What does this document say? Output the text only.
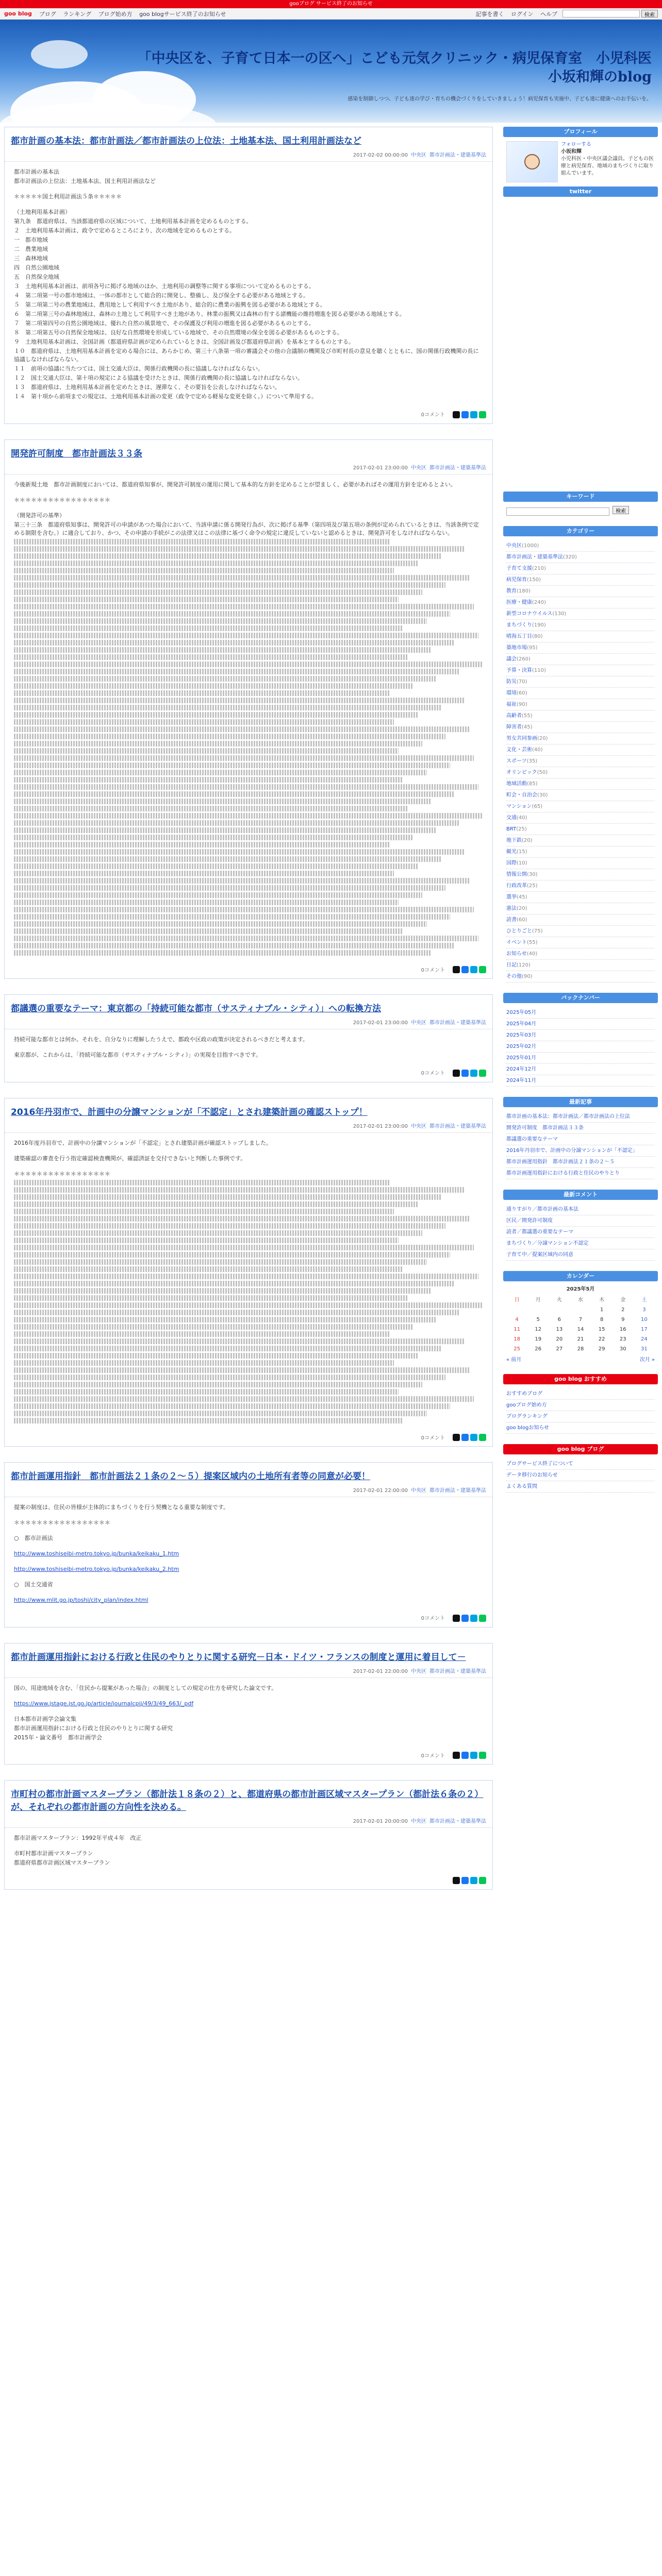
gooブログ サービス終了のお知らせ
goo blog ブログ ランキング ブログ始め方 goo blogサービス終了のお知らせ	記事を書く ログイン ヘルプ	検索
「中央区を、子育て日本一の区へ」こども元気クリニック・病児保育室　小児科医
小坂和輝のblog
感染を制御しつつ、子ども達の学び・育ちの機会づくりをしていきましょう！病児保育も実施中、子ども達に健康へのお手伝いを。
都市計画の基本法：都市計画法／都市計画法の上位法：土地基本法、国土利用計画法など
2017-02-02 00:00:00 中央区 都市計画法・建築基準法

都市計画の基本法

都市計画法の上位法：土地基本法、国土利用計画法など

＊＊＊＊＊国土利用計画法５条＊＊＊＊＊

（土地利用基本計画）

第九条　都道府県は、当該都道府県の区域について、土地利用基本計画を定めるものとする。

２　土地利用基本計画は、政令で定めるところにより、次の地域を定めるものとする。

一　都市地域

二　農業地域

三　森林地域

四　自然公園地域

五　自然保全地域

３　土地利用基本計画は、前項各号に掲げる地域のほか、土地利用の調整等に関する事項について定めるものとする。

４　第二項第一号の都市地域は、一体の都市として総合的に開発し、整備し、及び保全する必要がある地域とする。

５　第二項第二号の農業地域は、農用地として利用すべき土地があり、総合的に農業の振興を図る必要がある地域とする。

６　第二項第三号の森林地域は、森林の土地として利用すべき土地があり、林業の振興又は森林の有する諸機能の維持増進を図る必要がある地域とする。

７　第二項第四号の自然公園地域は、優れた自然の風景地で、その保護及び利用の増進を図る必要があるものとする。

８　第二項第五号の自然保全地域は、良好な自然環境を形成している地域で、その自然環境の保全を図る必要があるものとする。

９　土地利用基本計画は、全国計画（都道府県計画が定められているときは、全国計画及び都道府県計画）を基本とするものとする。

１０　都道府県は、土地利用基本計画を定める場合には、あらかじめ、第三十八条第一項の審議会その他の合議制の機関及び市町村長の意見を聴くとともに、国の関係行政機関の長に協議しなければならない。

１１　前項の協議に当たつては、国土交通大臣は、関係行政機関の長に協議しなければならない。

１２　国土交通大臣は、第十項の規定による協議を受けたときは、関係行政機関の長に協議しなければならない。

１３　都道府県は、土地利用基本計画を定めたときは、遅滞なく、その要旨を公表しなければならない。

１４　第十項から前項までの規定は、土地利用基本計画の変更（政令で定める軽易な変更を除く。）について準用する。

0コメント
開発許可制度　都市計画法３３条
2017-02-01 23:00:00 中央区 都市計画法・建築基準法

今後新規土地　都市計画制度においては、都道府県知事が、開発許可制度の運用に関して基本的な方針を定めることが望ましく、必要があればその運用方針を定めるとよい。

＊＊＊＊＊＊＊＊＊＊＊＊＊＊＊＊＊

（開発許可の基準）

第三十三条　都道府県知事は、開発許可の申請があつた場合において、当該申請に係る開発行為が、次に掲げる基準（第四項及び第五項の条例が定められているときは、当該条例で定める制限を含む。）に適合しており、かつ、その申請の手続がこの法律又はこの法律に基づく命令の規定に違反していないと認めるときは、開発許可をしなければならない。

0コメント
都議選の重要なテーマ：東京都の「持続可能な都市（サスティナブル・シティ）」への転換方法
2017-02-01 23:00:00 中央区 都市計画法・建築基準法

持続可能な都市とは何か。それを、自分なりに理解したうえで、都政や区政の政策が決定されるべきだと考えます。

東京都が、これからは、「持続可能な都市（サスティナブル・シティ）」の実現を目指すべきです。

0コメント
2016年丹羽市で、計画中の分譲マンションが「不認定」とされ建築計画の確認ストップ！
2017-02-01 23:00:00 中央区 都市計画法・建築基準法

2016年度丹羽市で、計画中の分譲マンションが「不認定」とされ建築計画が確認ストップしました。

建築確認の審査を行う指定確認検査機関が、確認済証を交付できないと判断した事例です。

＊＊＊＊＊＊＊＊＊＊＊＊＊＊＊＊＊

0コメント
都市計画運用指針　都市計画法２１条の２〜５）提案区域内の土地所有者等の同意が必要！
2017-02-01 22:00:00 中央区 都市計画法・建築基準法

提案の制度は、住民の皆様が主体的にまちづくりを行う契機となる重要な制度です。

＊＊＊＊＊＊＊＊＊＊＊＊＊＊＊＊＊

○　都市計画法

http://www.toshiseibi-metro.tokyo.jp/bunka/keikaku_1.htm

http://www.toshiseibi-metro.tokyo.jp/bunka/keikaku_2.htm

○　国土交通省

http://www.mlit.go.jp/toshi/city_plan/index.html

0コメント
都市計画運用指針における行政と住民のやりとりに関する研究－日本・ドイツ・フランスの制度と運用に着目して－
2017-02-01 22:00:00 中央区 都市計画法・建築基準法

国の、用途地域を含む、「住民から提案があった場合」の制度としての規定の仕方を研究した論文です。

https://www.jstage.jst.go.jp/article/journalcpij/49/3/49_663/_pdf

日本都市計画学会論文集

都市計画運用指針における行政と住民のやりとりに関する研究

2015年・論文番号　都市計画学会

0コメント
市町村の都市計画マスタープラン（都計法１８条の２）と、都道府県の都市計画区域マスタープラン（都計法６条の２）が、それぞれの都市計画の方向性を決める。
2017-02-01 20:00:00 中央区 都市計画法・建築基準法

都市計画マスタープラン：1992年平成４年　改正

市町村都市計画マスタープラン

都道府県都市計画区域マスタープラン

プロフィール
フォローする
小坂和輝
小児科医・中央区議会議員。子どもの医療と病児保育、地域のまちづくりに取り組んでいます。
twitter
キーワード
検索
カテゴリー
中央区(1000)
都市計画法・建築基準法(320)
子育て支援(210)
病児保育(150)
教育(180)
医療・健康(240)
新型コロナウイルス(130)
まちづくり(190)
晴海五丁目(80)
築地市場(95)
議会(260)
予算・決算(110)
防災(70)
環境(60)
福祉(90)
高齢者(55)
障害者(45)
男女共同参画(20)
文化・芸術(40)
スポーツ(35)
オリンピック(50)
地域活動(85)
町会・自治会(30)
マンション(65)
交通(40)
BRT(25)
地下鉄(20)
観光(15)
国際(10)
情報公開(30)
行政改革(25)
選挙(45)
憲法(20)
読書(60)
ひとりごと(75)
イベント(55)
お知らせ(40)
日記(120)
その他(90)
バックナンバー
2025年05月
2025年04月
2025年03月
2025年02月
2025年01月
2024年12月
2024年11月
最新記事
都市計画の基本法：都市計画法／都市計画法の上位法
開発許可制度　都市計画法３３条
都議選の重要なテーマ
2016年丹羽市で、計画中の分譲マンションが「不認定」
都市計画運用指針　都市計画法２１条の２〜５
都市計画運用指針における行政と住民のやりとり
最新コメント
通りすがり／都市計画の基本法
区民／開発許可制度
読者／都議選の重要なテーマ
まちづくり／分譲マンション不認定
子育て中／提案区域内の同意
カレンダー
2025年5月
日	月	火	水	木	金	土
				1	2	3
4	5	6	7	8	9	10
11	12	13	14	15	16	17
18	19	20	21	22	23	24
25	26	27	28	29	30	31
« 前月	次月 »
goo blog おすすめ
おすすめブログ
gooブログ始め方
ブログランキング
goo blogお知らせ
goo blog ブログ
ブログサービス終了について
データ移行のお知らせ
よくある質問
